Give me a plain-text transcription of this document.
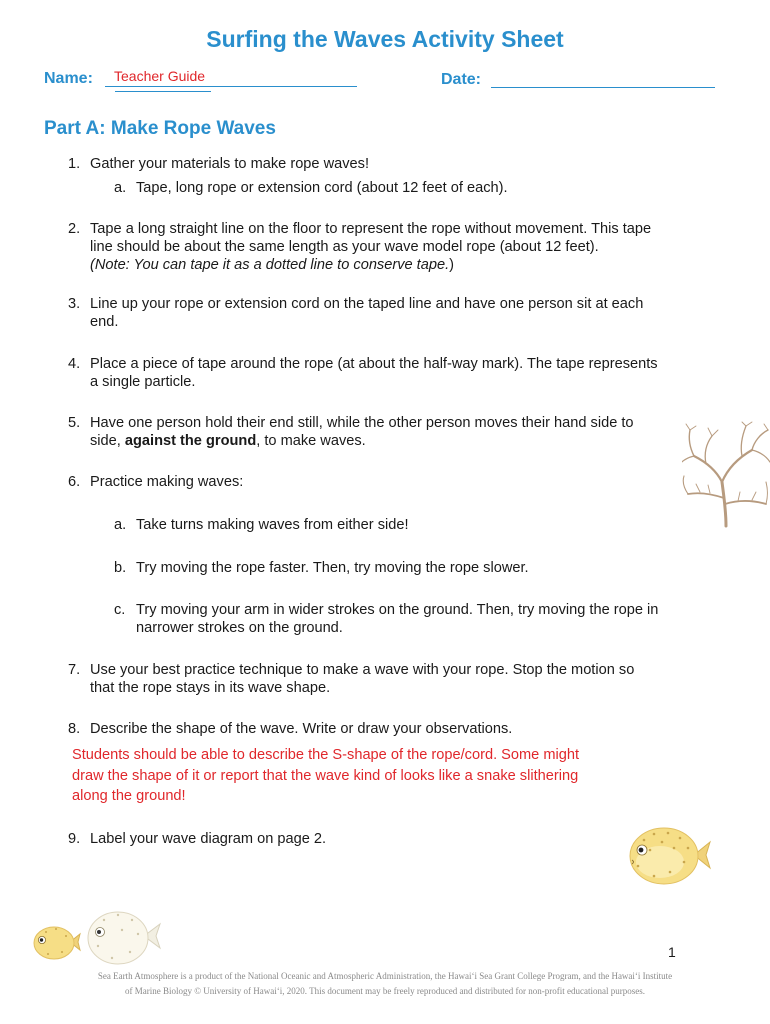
Surfing the Waves Activity Sheet
Name: Teacher Guide	Date:
Part A: Make Rope Waves
1. Gather your materials to make rope waves!
a. Tape, long rope or extension cord (about 12 feet of each).
2. Tape a long straight line on the floor to represent the rope without movement. This tape
line should be about the same length as your wave model rope (about 12 feet).
(Note: You can tape it as a dotted line to conserve tape.)
3. Line up your rope or extension cord on the taped line and have one person sit at each
end.
4. Place a piece of tape around the rope (at about the half-way mark). The tape represents
a single particle.
5. Have one person hold their end still, while the other person moves their hand side to
side, against the ground, to make waves.
6. Practice making waves:
a. Take turns making waves from either side!
b. Try moving the rope faster. Then, try moving the rope slower.
c. Try moving your arm in wider strokes on the ground. Then, try moving the rope in
narrower strokes on the ground.
7. Use your best practice technique to make a wave with your rope. Stop the motion so
that the rope stays in its wave shape.
8. Describe the shape of the wave. Write or draw your observations.
Students should be able to describe the S-shape of the rope/cord. Some might
draw the shape of it or report that the wave kind of looks like a snake slithering
along the ground!
9. Label your wave diagram on page 2.
1
Sea Earth Atmosphere is a product of the National Oceanic and Atmospheric Administration, the Hawaiʻi Sea Grant College Program, and the Hawaiʻi Institute
of Marine Biology © University of Hawaiʻi, 2020. This document may be freely reproduced and distributed for non-profit educational purposes.
